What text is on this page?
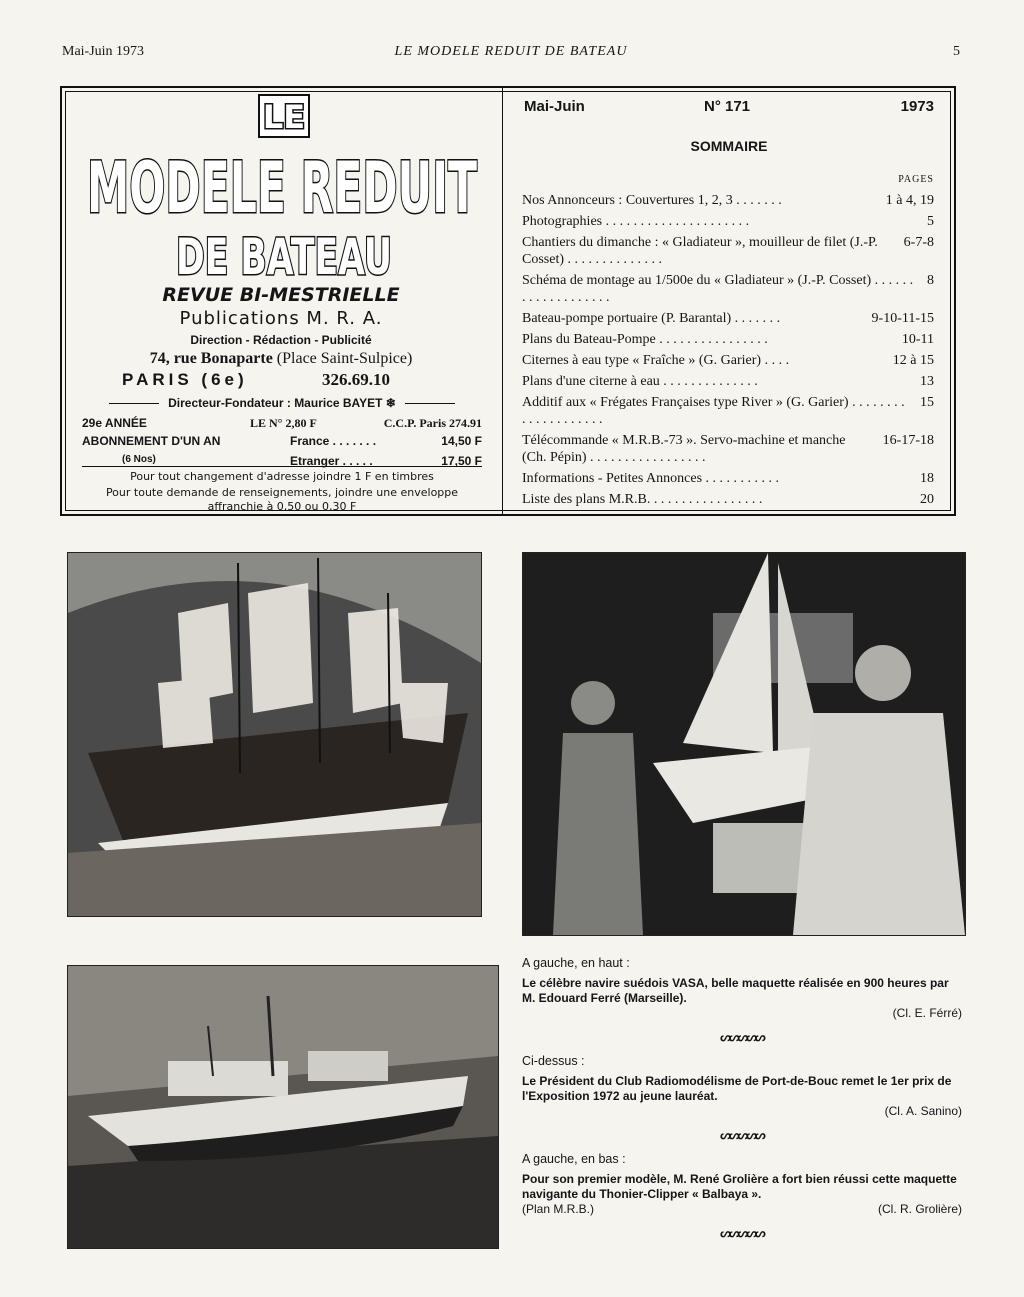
Mai-Juin 1973	LE MODELE REDUIT DE BATEAU	5
LE
MODELE REDUIT
DE BATEAU
REVUE BI-MESTRIELLE
Publications M. R. A.
Direction - Rédaction - Publicité
74, rue Bonaparte (Place Saint-Sulpice)
PARIS (6e)	326.69.10
Directeur-Fondateur : Maurice BAYET ❄
29e ANNÉE	LE N° 2,80 F	C.C.P. Paris 274.91
ABONNEMENT D'UN AN	France . . . . . . .	14,50 F
(6 Nos)	Etranger . . . . .	17,50 F
Pour tout changement d'adresse joindre 1 F en timbres
Pour toute demande de renseignements, joindre une enveloppe
affranchie à 0,50 ou 0,30 F
Mai-Juin	N° 171	1973
SOMMAIRE
PAGES
Nos Annonceurs : Couvertures 1, 2, 3 . . . . . . .	1 à 4, 19
Photographies . . . . . . . . . . . . . . . . . . . . .	5
Chantiers du dimanche : « Gladiateur », mouilleur de filet (J.-P. Cosset) . . . . . . . . . . . . . .
6-7-8
Schéma de montage au 1/500e du « Gladiateur » (J.-P. Cosset) . . . . . . . . . . . . . . . . . . .
8
Bateau-pompe portuaire (P. Barantal) . . . . . . .	9-10-11-15
Plans du Bateau-Pompe . . . . . . . . . . . . . . . .	10-11
Citernes à eau type « Fraîche » (G. Garier) . . . .	12 à 15
Plans d'une citerne à eau . . . . . . . . . . . . . .	13
Additif aux « Frégates Françaises type River » (G. Garier) . . . . . . . . . . . . . . . . . . . .
15
Télécommande « M.R.B.-73 ». Servo-machine et manche (Ch. Pépin) . . . . . . . . . . . . . . . . .
16-17-18
Informations - Petites Annonces . . . . . . . . . . .	18
Liste des plans M.R.B. . . . . . . . . . . . . . . . .	20
A gauche, en haut :
Le célèbre navire suédois VASA, belle maquette réalisée en 900 heures par M. Edouard Ferré (Marseille).
(Cl. E. Férré)
ᔕᔕᔕᔕᔕ
Ci-dessus :
Le Président du Club Radiomodélisme de Port-de-Bouc remet le 1er prix de l'Exposition 1972 au jeune lauréat.
(Cl. A. Sanino)
ᔕᔕᔕᔕᔕ
A gauche, en bas :
Pour son premier modèle, M. René Grolière a fort bien réussi cette maquette navigante du Thonier-Clipper « Balbaya ».
(Plan M.R.B.)	(Cl. R. Grolière)
ᔕᔕᔕᔕᔕ
